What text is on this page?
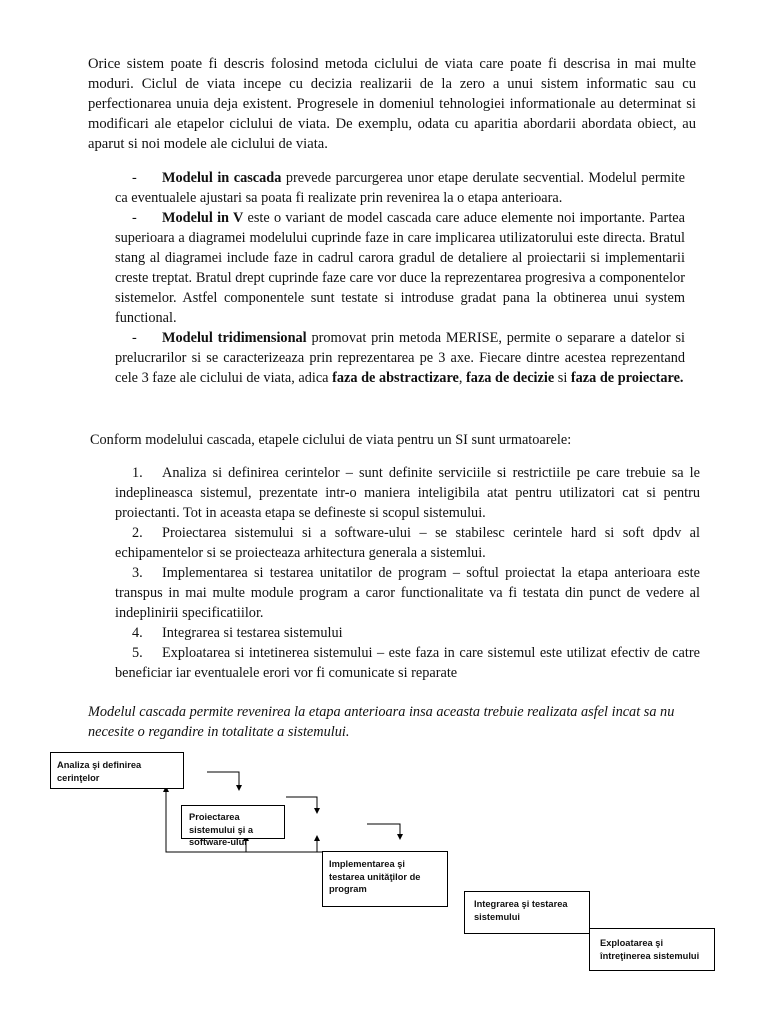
Orice sistem poate fi descris folosind metoda ciclului de viata care poate fi descrisa in mai multe moduri. Ciclul de viata incepe cu decizia realizarii de la zero a unui sistem informatic sau cu perfectionarea unuia deja existent. Progresele in domeniul tehnologiei informationale au determinat si modificari ale etapelor ciclului de viata. De exemplu, odata cu aparitia abordarii abordata obiect, au aparut si noi modele ale ciclului de viata.

- Modelul in cascada prevede parcurgerea unor etape derulate secvential. Modelul permite ca eventualele ajustari sa poata fi realizate prin revenirea la o etapa anterioara.
- Modelul in V este o variant de model cascada care aduce elemente noi importante. Partea superioara a diagramei modelului cuprinde faze in care implicarea utilizatorului este directa. Bratul stang al diagramei include faze in cadrul carora gradul de detaliere al proiectarii si implementarii creste treptat. Bratul drept cuprinde faze care vor duce la reprezentarea progresiva a componentelor sistemelor. Astfel componentele sunt testate si introduse gradat pana la obtinerea unui system functional.
- Modelul tridimensional promovat prin metoda MERISE, permite o separare a datelor si prelucrarilor si se caracterizeaza prin reprezentarea pe 3 axe. Fiecare dintre acestea reprezentand cele 3 faze ale ciclului de viata, adica faza de abstractizare, faza de decizie si faza de proiectare.

Conform modelului cascada, etapele ciclului de viata pentru un SI sunt urmatoarele:

1. Analiza si definirea cerintelor – sunt definite serviciile si restrictiile pe care trebuie sa le indeplineasca sistemul, prezentate intr-o maniera inteligibila atat pentru utilizatori cat si pentru proiectanti. Tot in aceasta etapa se defineste si scopul sistemului.
2. Proiectarea sistemului si a software-ului – se stabilesc cerintele hard si soft dpdv al echipamentelor si se proiecteaza arhitectura generala a sistemlui.
3. Implementarea si testarea unitatilor de program – softul proiectat la etapa anterioara este transpus in mai multe module program a caror functionalitate va fi testata din punct de vedere al indeplinirii specificatiilor.
4. Integrarea si testarea sistemului
5. Exploatarea si intetinerea sistemului – este faza in care sistemul este utilizat efectiv de catre beneficiar iar eventualele erori vor fi comunicate si reparate

Modelul cascada permite revenirea la etapa anterioara insa aceasta trebuie realizata asfel incat sa nu necesite o regandire in totalitate a sistemului.

Analiza şi definirea cerinţelor
Proiectarea sistemului şi a software-ului
Implementarea şi testarea unităţilor de program
Integrarea şi testarea sistemului
Exploatarea şi întreţinerea sistemului
